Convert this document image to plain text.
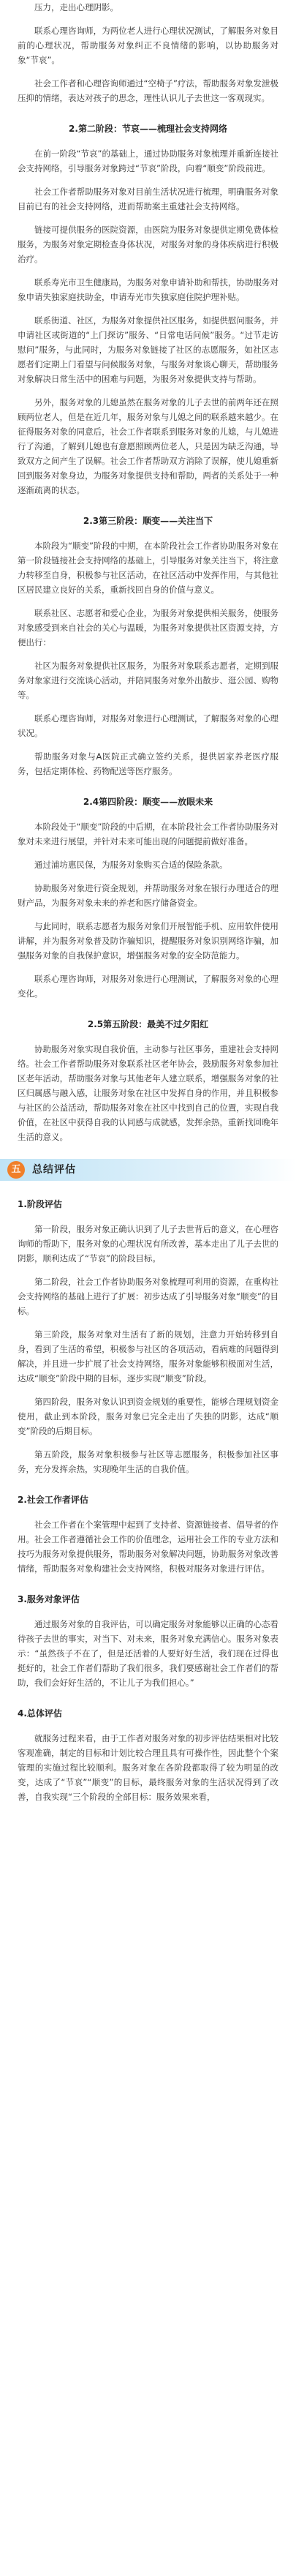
压力，走出心理阴影。

联系心理咨询师，为两位老人进行心理状况测试，了解服务对象目前的心理状况，帮助服务对象纠正不良情绪的影响，以协助服务对象“节哀”。

社会工作者和心理咨询师通过“空椅子”疗法，帮助服务对象发泄极压抑的情绪，表达对孩子的思念，理性认识儿子去世这一客观现实。

2.第二阶段：节哀——梳理社会支持网络

在前一阶段“节哀”的基础上，通过协助服务对象梳理并重新连接社会支持网络，引导服务对象跨过“节哀”阶段，向着“顺变”阶段前进。

社会工作者帮助服务对象对目前生活状况进行梳理，明确服务对象目前已有的社会支持网络，进而帮助案主重建社会支持网络。

链接可提供服务的医院资源，由医院为服务对象提供定期免费体检服务，为服务对象定期检查身体状况，对服务对象的身体疾病进行积极治疗。

联系寿光市卫生健康局，为服务对象申请补助和帮扶，协助服务对象申请失独家庭扶助金，申请寿光市失独家庭住院护理补贴。

联系街道、社区，为服务对象提供社区服务，如提供慰问服务，并申请社区或街道的“上门探访”服务、“日常电话问候”服务。“过节走访慰问”服务，与此同时，为服务对象链接了社区的志愿服务，如社区志愿者们定期上门看望与问候服务对象，与服务对象谈心聊天，帮助服务对象解决日常生活中的困难与问题，为服务对象提供支持与帮助。

另外，服务对象的儿媳虽然在服务对象的儿子去世的前两年还在照顾两位老人，但是在近几年，服务对象与儿媳之间的联系越来越少。在征得服务对象的同意后，社会工作者联系到服务对象的儿媳，与儿媳进行了沟通，了解到儿媳也有意愿照顾两位老人，只是因为缺乏沟通，导致双方之间产生了误解。社会工作者帮助双方消除了误解，使儿媳重新回到服务对象身边，为服务对象提供支持和帮助，两者的关系处于一种逐渐疏离的状态。

2.3第三阶段：顺变——关注当下

本阶段为“顺变”阶段的中期，在本阶段社会工作者协助服务对象在第一阶段链接社会支持网络的基础上，引导服务对象关注当下，将注意力转移至自身，积极参与社区活动，在社区活动中发挥作用，与其他社区居民建立良好的关系，重新找回自身的价值与意义。

联系社区、志愿者和爱心企业，为服务对象提供相关服务，使服务对象感受到来自社会的关心与温暖，为服务对象提供社区资源支持，方便出行：

社区为服务对象提供社区服务，为服务对象联系志愿者，定期到服务对象家进行交流谈心活动，并陪同服务对象外出散步、逛公园、购物等。

联系心理咨询师，对服务对象进行心理测试，了解服务对象的心理状况。

帮助服务对象与A医院正式确立签约关系，提供居家养老医疗服务，包括定期体检、药物配送等医疗服务。

2.4第四阶段：顺变——放眼未来

本阶段处于“顺变”阶段的中后期，在本阶段社会工作者协助服务对象对未来进行展望，并针对未来可能出现的问题提前做好准备。

通过浦坊惠民保，为服务对象购买合适的保险条款。

协助服务对象进行资金规划，并帮助服务对象在银行办理适合的理财产品，为服务对象未来的养老和医疗储备资金。

与此同时，联系志愿者为服务对象们开展智能手机、应用软件使用讲解，并为服务对象普及防诈骗知识，提醒服务对象识别网络诈骗，加强服务对象的自我保护意识，增强服务对象的安全防范能力。

联系心理咨询师，对服务对象进行心理测试，了解服务对象的心理变化。

2.5第五阶段：最美不过夕阳红

协助服务对象实现自我价值，主动参与社区事务，重建社会支持网络。社会工作者帮助服务对象联系社区老年协会，鼓励服务对象参加社区老年活动，帮助服务对象与其他老年人建立联系，增强服务对象的社区归属感与融入感，让服务对象在社区中发挥自身的作用，并且积极参与社区的公益活动，帮助服务对象在社区中找到自己的位置，实现自我价值，在社区中获得自我的认同感与成就感，发挥余热，重新找回晚年生活的意义。

五	总结评估
1.阶段评估

第一阶段，服务对象正确认识到了儿子去世背后的意义，在心理咨询师的帮助下，服务对象的心理状况有所改善，基本走出了儿子去世的阴影，顺利达成了“节哀”的阶段目标。

第二阶段，社会工作者协助服务对象梳理可利用的资源，在重构社会支持网络的基础上进行了扩展：初步达成了引导服务对象“顺变”的目标。

第三阶段，服务对象对生活有了新的规划，注意力开始转移到自身，看到了生活的希望，积极参与社区的各项活动，看病难的问题得到解决，并且进一步扩展了社会支持网络，服务对象能够积极面对生活，达成“顺变”阶段中期的目标，逐步实现“顺变”阶段。

第四阶段，服务对象认识到资金规划的重要性，能够合理规划资金使用，截止到本阶段，服务对象已完全走出了失独的阴影，达成“顺变”阶段的后期目标。

第五阶段，服务对象积极参与社区等志愿服务，积极参加社区事务，充分发挥余热，实现晚年生活的自我价值。

2.社会工作者评估

社会工作者在个案管理中起到了支持者、资源链接者、倡导者的作用。社会工作者遵循社会工作的价值理念，运用社会工作的专业方法和技巧为服务对象提供服务，帮助服务对象解决问题，协助服务对象改善情绪，帮助服务对象构建社会支持网络，积极对服务对象进行评估。

3.服务对象评估

通过服务对象的自我评估，可以确定服务对象能够以正确的心态看待孩子去世的事实，对当下、对未来，服务对象充满信心。服务对象表示：“虽然孩子不在了，但是还活着的人要好好生活，我们现在过得也挺好的，社会工作者们帮助了我们很多，我们要感谢社会工作者们的帮助，我们会好好生活的，不让儿子为我们担心。”

4.总体评估

就服务过程来看，由于工作者对服务对象的初步评估结果相对比较客观准确，制定的目标和计划比较合理且具有可操作性，因此整个个案管理的实施过程比较顺利。服务对象在各阶段都取得了较为明显的改变，达成了“节哀”“顺变”的目标，最终服务对象的生活状况得到了改善，自我实现“三个阶段的全部目标：服务效果来看，
